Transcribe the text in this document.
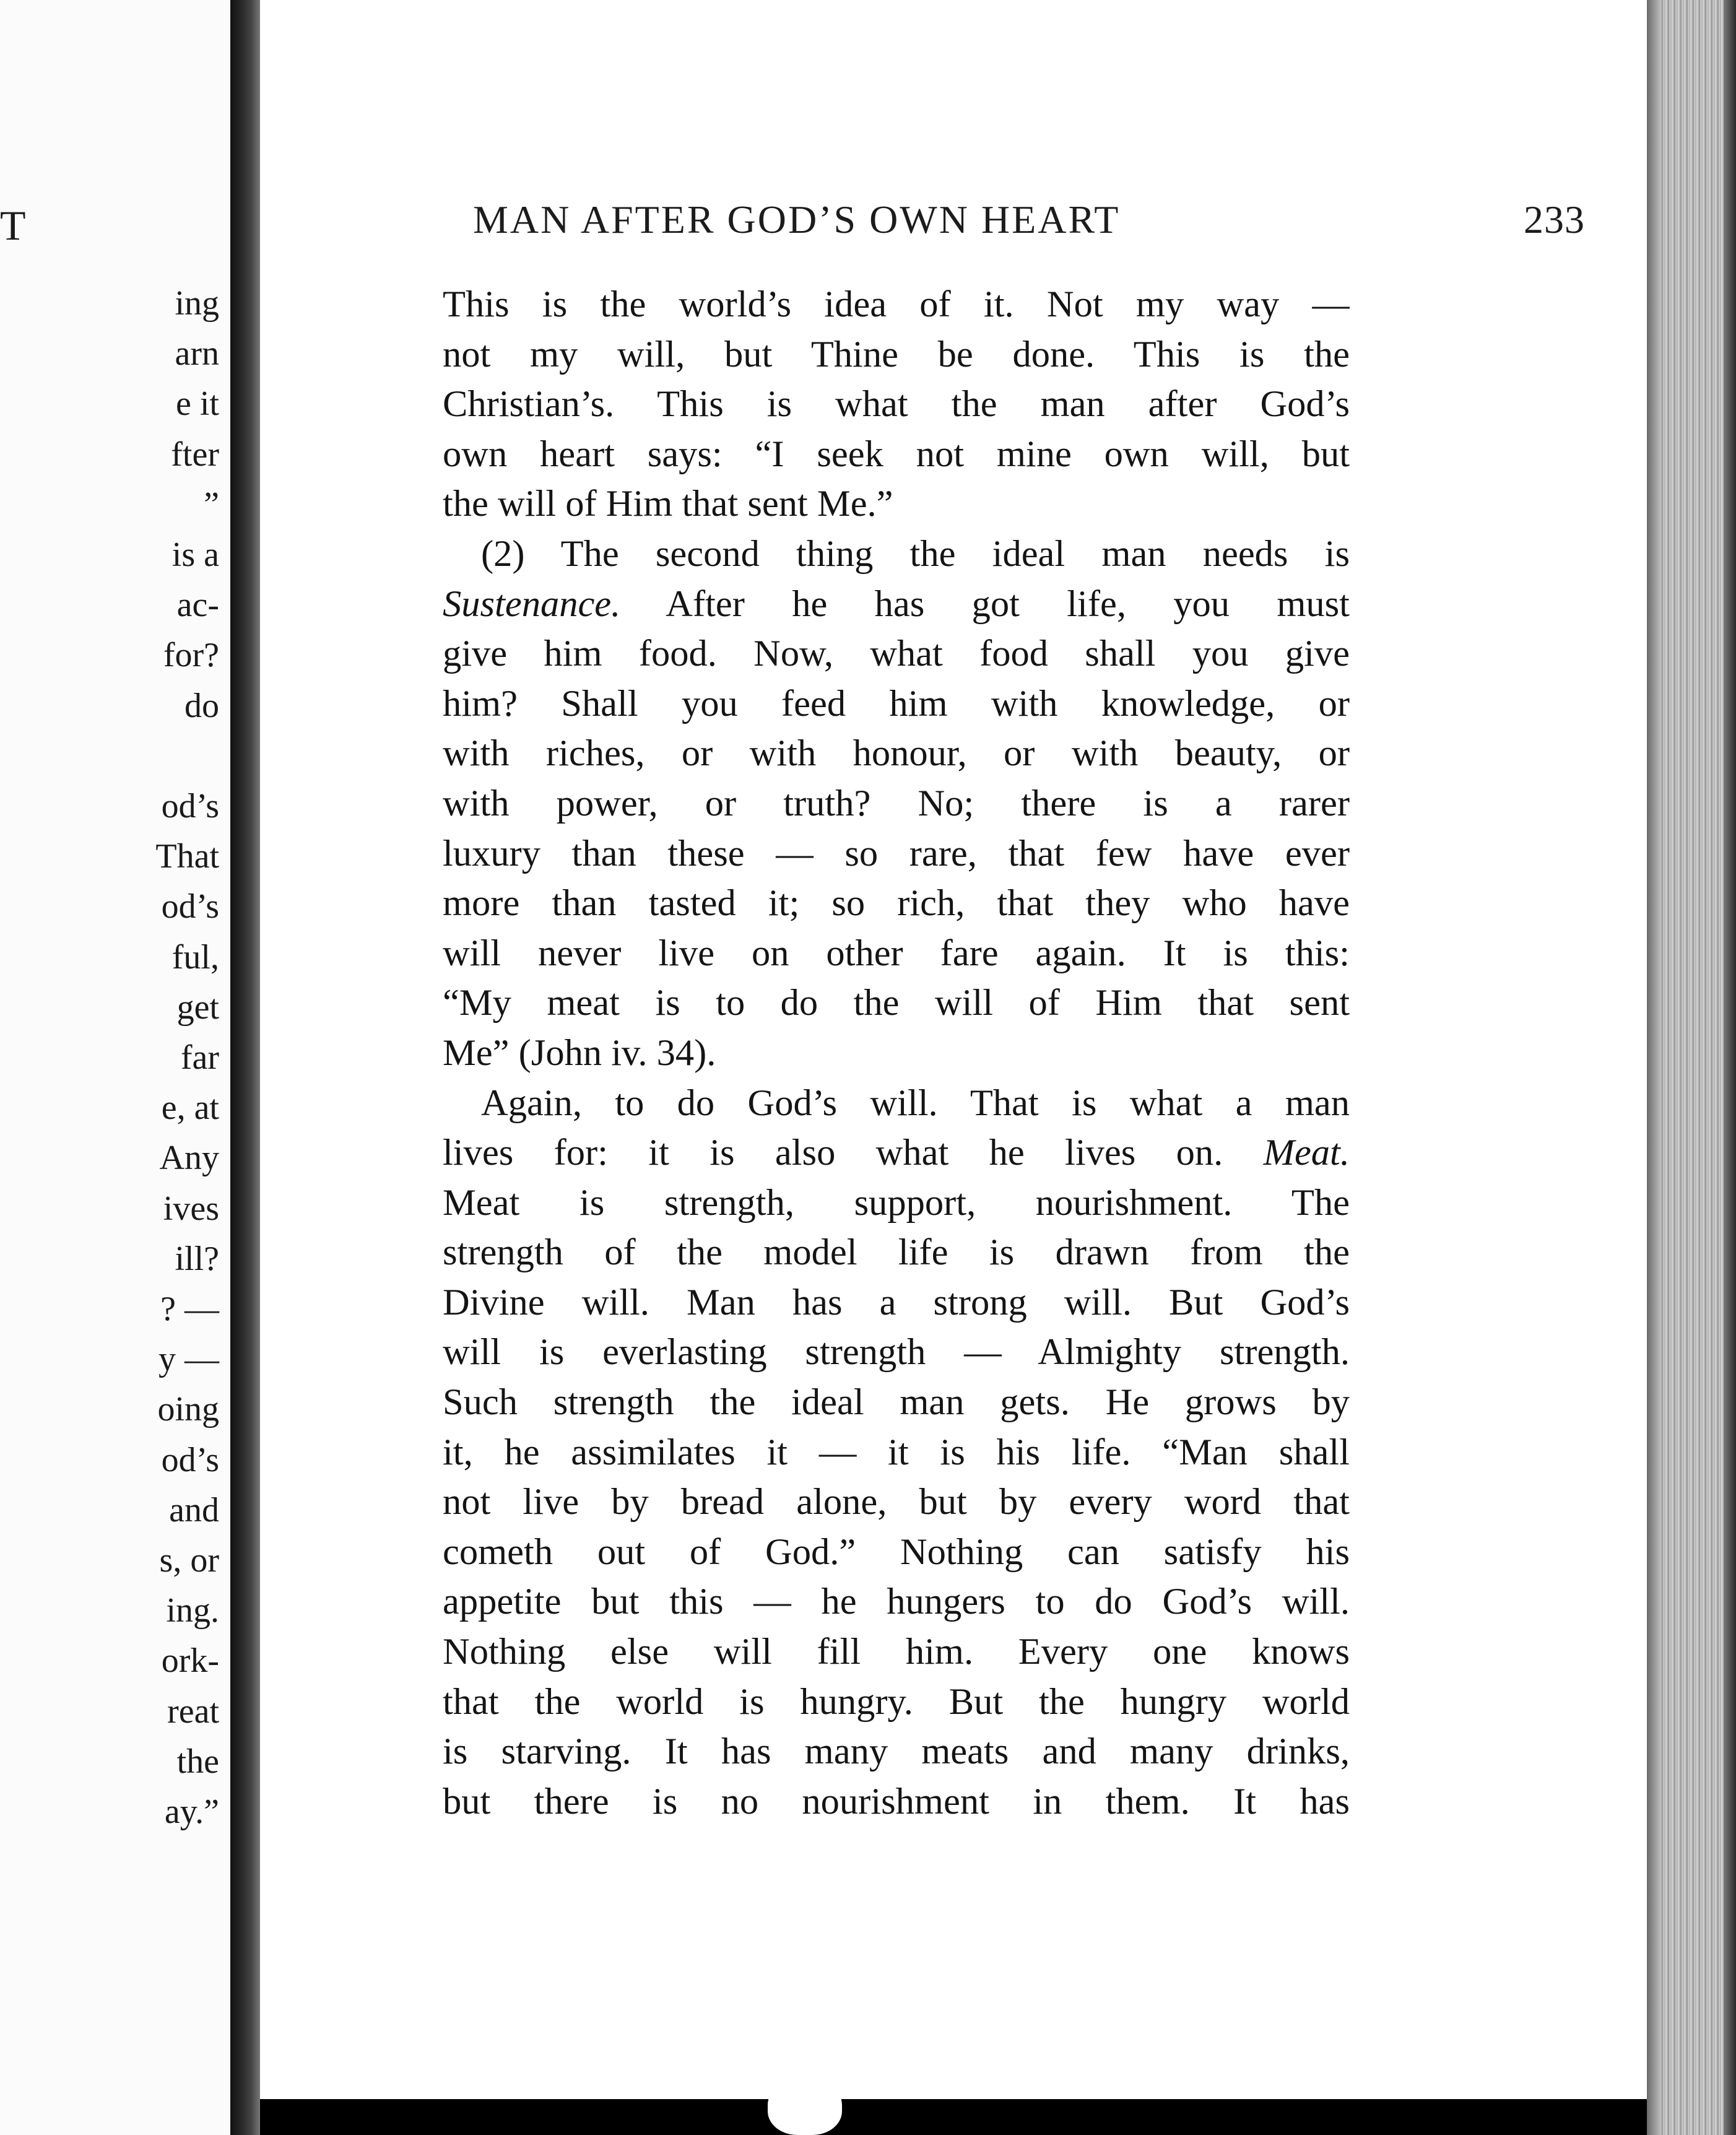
T
ing
arn
e it
fter
”
is a
ac-
for?
do
od’s
That
od’s
ful,
get
far
e, at
Any
ives
ill?
? —
y —
oing
od’s
and
s, or
ing.
ork-
reat
the
ay.”
MAN AFTER GOD’S OWN HEART	233
This is the world’s idea of it. Not my way —
not my will, but Thine be done. This is the
Christian’s. This is what the man after God’s
own heart says: “I seek not mine own will, but
the will of Him that sent Me.”
(2) The second thing the ideal man needs is
Sustenance. After he has got life, you must
give him food. Now, what food shall you give
him? Shall you feed him with knowledge, or
with riches, or with honour, or with beauty, or
with power, or truth? No; there is a rarer
luxury than these — so rare, that few have ever
more than tasted it; so rich, that they who have
will never live on other fare again. It is this:
“My meat is to do the will of Him that sent
Me” (John iv. 34).
Again, to do God’s will. That is what a man
lives for: it is also what he lives on. Meat.
Meat is strength, support, nourishment. The
strength of the model life is drawn from the
Divine will. Man has a strong will. But God’s
will is everlasting strength — Almighty strength.
Such strength the ideal man gets. He grows by
it, he assimilates it — it is his life. “Man shall
not live by bread alone, but by every word that
cometh out of God.” Nothing can satisfy his
appetite but this — he hungers to do God’s will.
Nothing else will fill him. Every one knows
that the world is hungry. But the hungry world
is starving. It has many meats and many drinks,
but there is no nourishment in them. It has
